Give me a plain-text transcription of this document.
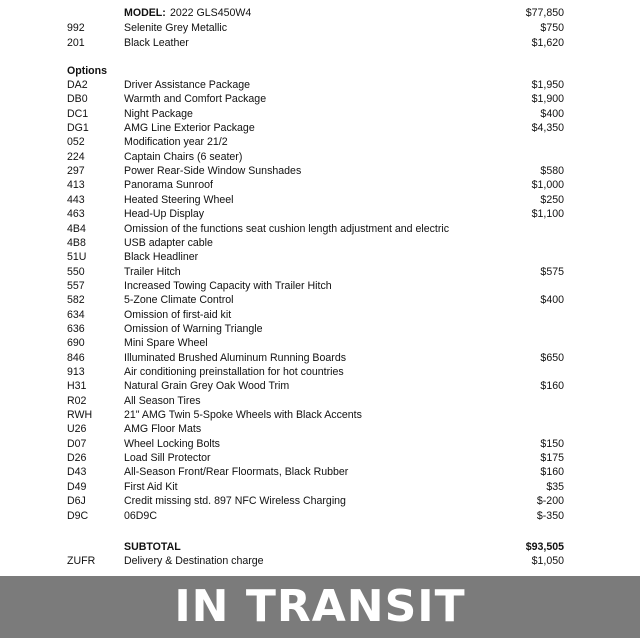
MODEL: 2022 GLS450W4	$77,850
992	Selenite Grey Metallic	$750
201	Black Leather	$1,620
Options
DA2	Driver Assistance Package	$1,950
DB0	Warmth and Comfort Package	$1,900
DC1	Night Package	$400
DG1	AMG Line Exterior Package	$4,350
052	Modification year 21/2
224	Captain Chairs (6 seater)
297	Power Rear-Side Window Sunshades	$580
413	Panorama Sunroof	$1,000
443	Heated Steering Wheel	$250
463	Head-Up Display	$1,100
4B4	Omission of the functions seat cushion length adjustment and electric
4B8	USB adapter cable
51U	Black Headliner
550	Trailer Hitch	$575
557	Increased Towing Capacity with Trailer Hitch
582	5-Zone Climate Control	$400
634	Omission of first-aid kit
636	Omission of Warning Triangle
690	Mini Spare Wheel
846	Illuminated Brushed Aluminum Running Boards	$650
913	Air conditioning preinstallation for hot countries
H31	Natural Grain Grey Oak Wood Trim	$160
R02	All Season Tires
RWH	21" AMG Twin 5-Spoke Wheels with Black Accents
U26	AMG Floor Mats
D07	Wheel Locking Bolts	$150
D26	Load Sill Protector	$175
D43	All-Season Front/Rear Floormats, Black Rubber	$160
D49	First Aid Kit	$35
D6J	Credit missing std. 897 NFC Wireless Charging	$-200
D9C	06D9C	$-350
SUBTOTAL	$93,505
ZUFR	Delivery & Destination charge	$1,050
IN TRANSIT
